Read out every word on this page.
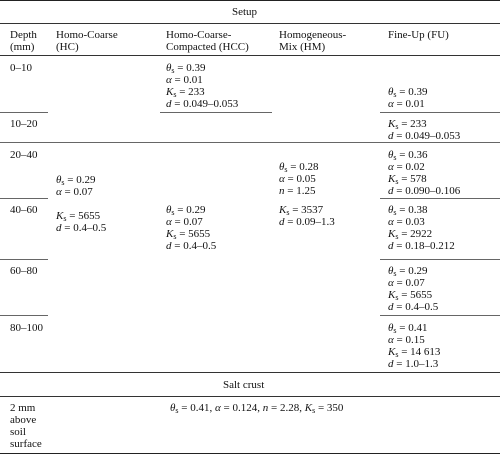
Setup
Salt crust
Depth
(mm)
Homo-Coarse
(HC)
Homo-Coarse-
Compacted (HCC)
Homogeneous-
Mix (HM)
Fine-Up (FU)
0–10
10–20
20–40
40–60
60–80
80–100
$\theta_s = 0.29$
α = 0.07
$K_s = 5655$
d = 0.4–0.5
$\theta_s = 0.39$
α = 0.01
$K_s = 233$
d = 0.049–0.053
$\theta_s = 0.29$
α = 0.07
$K_s = 5655$
d = 0.4–0.5
$\theta_s = 0.28$
α = 0.05
n = 1.25
$K_s = 3537$
d = 0.09–1.3
$\theta_s = 0.39$
α = 0.01
$K_s = 233$
d = 0.049–0.053
$\theta_s = 0.36$
α = 0.02
$K_s = 578$
d = 0.090–0.106
$\theta_s = 0.38$
α = 0.03
$K_s = 2922$
d = 0.18–0.212
$\theta_s = 0.29$
α = 0.07
$K_s = 5655$
d = 0.4–0.5
$\theta_s = 0.41$
α = 0.15
$K_s = 14$ 613
d = 1.0–1.3
2 mm
above
soil
surface
$\theta_s = 0.41$, α = 0.124, n = 2.28, $K_s = 350$
